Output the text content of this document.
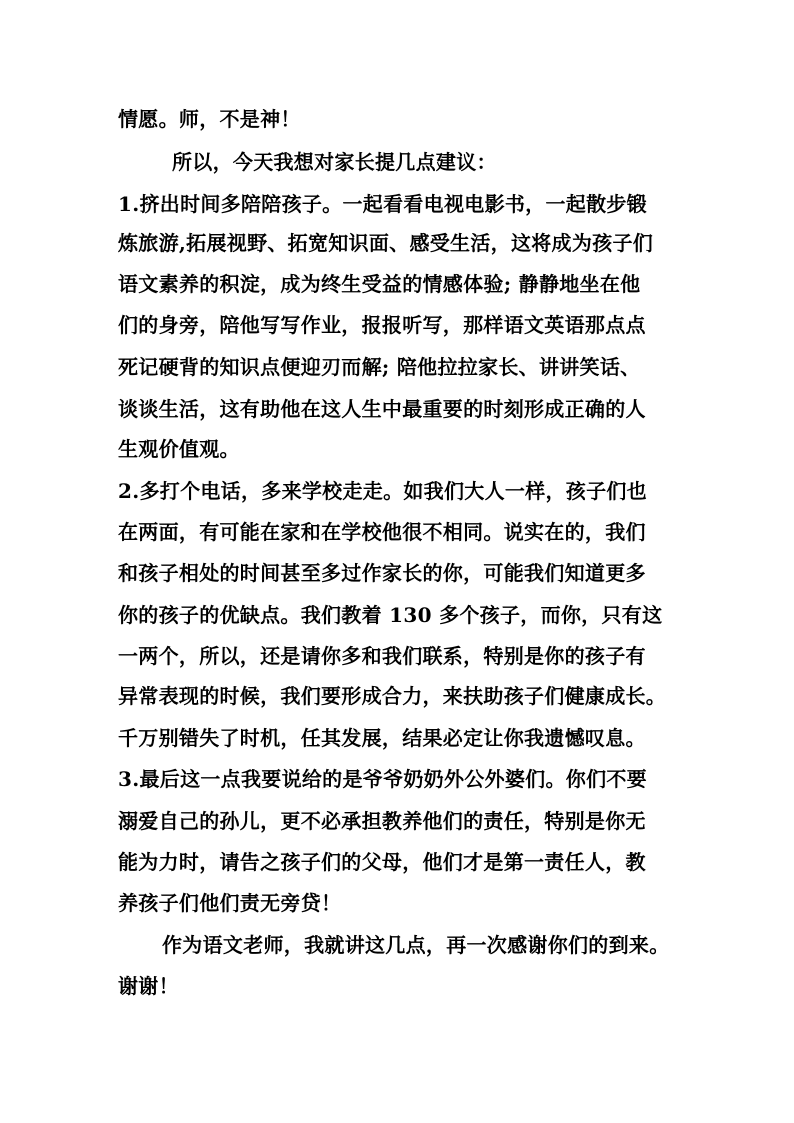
情愿。师，不是神！
所以，今天我想对家长提几点建议：
1.挤出时间多陪陪孩子。一起看看电视电影书，一起散步锻
炼旅游,拓展视野、拓宽知识面、感受生活，这将成为孩子们
语文素养的积淀，成为终生受益的情感体验; 静静地坐在他
们的身旁，陪他写写作业，报报听写，那样语文英语那点点
死记硬背的知识点便迎刃而解; 陪他拉拉家长、讲讲笑话、
谈谈生活，这有助他在这人生中最重要的时刻形成正确的人
生观价值观。
2.多打个电话，多来学校走走。如我们大人一样，孩子们也
在两面，有可能在家和在学校他很不相同。说实在的，我们
和孩子相处的时间甚至多过作家长的你，可能我们知道更多
你的孩子的优缺点。我们教着 130 多个孩子，而你，只有这
一两个，所以，还是请你多和我们联系，特别是你的孩子有
异常表现的时候，我们要形成合力，来扶助孩子们健康成长。
千万别错失了时机，任其发展，结果必定让你我遗憾叹息。
3.最后这一点我要说给的是爷爷奶奶外公外婆们。你们不要
溺爱自己的孙儿，更不必承担教养他们的责任，特别是你无
能为力时，请告之孩子们的父母，他们才是第一责任人，教
养孩子们他们责无旁贷！
作为语文老师，我就讲这几点，再一次感谢你们的到来。
谢谢！
